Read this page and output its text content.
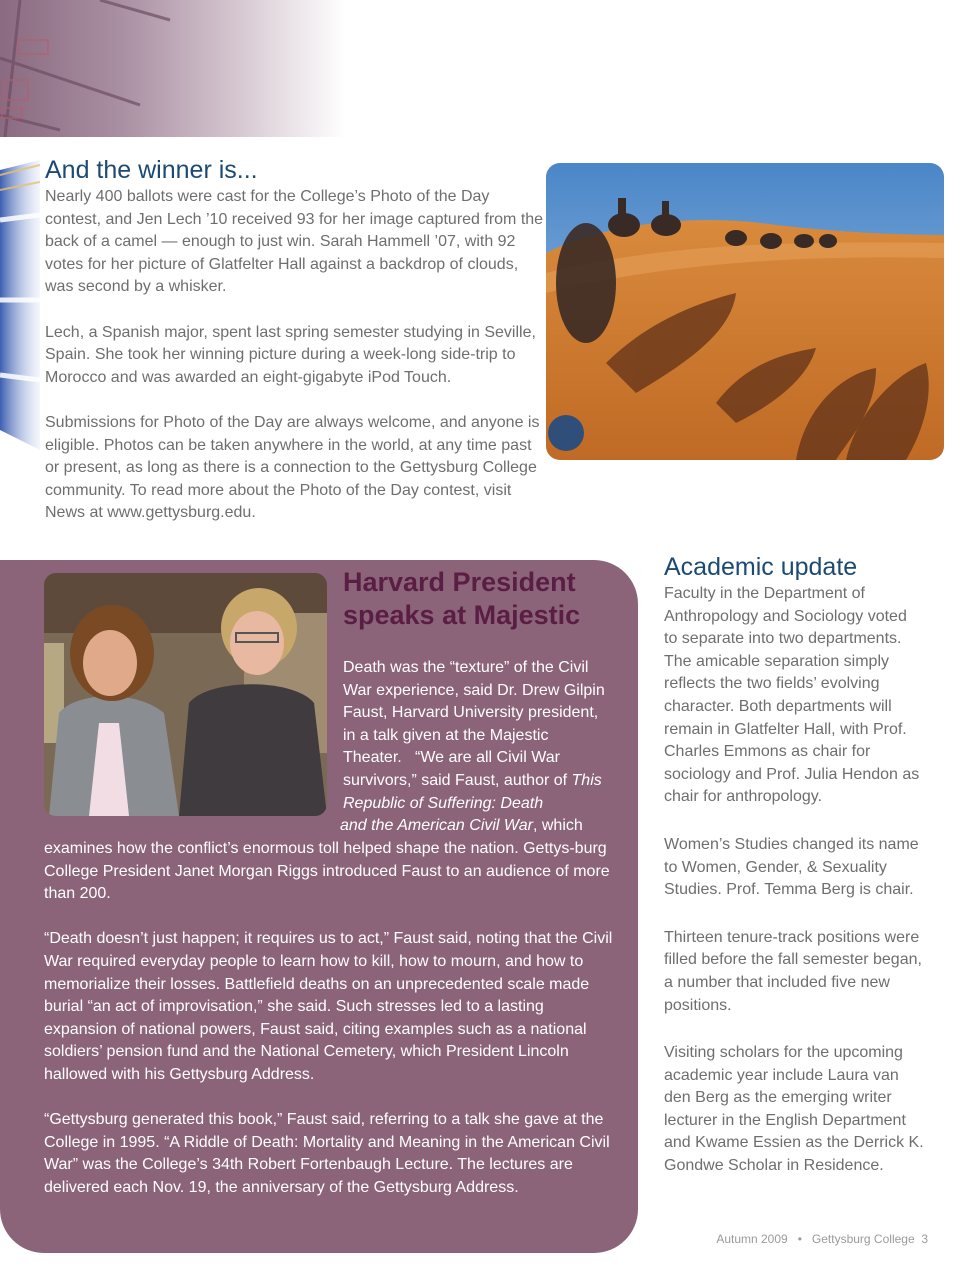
And the winner is...

Nearly 400 ballots were cast for the College’s Photo of the Day contest, and Jen Lech ’10 received 93 for her image captured from the back of a camel — enough to just win. Sarah Hammell ’07, with 92 votes for her picture of Glatfelter Hall against a backdrop of clouds, was second by a whisker.

Lech, a Spanish major, spent last spring semester studying in Seville, Spain. She took her winning picture during a week-long side-trip to Morocco and was awarded an eight-gigabyte iPod Touch.

Submissions for Photo of the Day are always welcome, and anyone is eligible. Photos can be taken anywhere in the world, at any time past or present, as long as there is a connection to the Gettysburg College community. To read more about the Photo of the Day contest, visit News at www.gettysburg.edu.

Harvard President speaks at Majestic
Death was the “texture” of the Civil War experience, said Dr. Drew Gilpin Faust, Harvard University president, in a talk given at the Majestic Theater.   “We are all Civil War survivors,” said Faust, author of This Republic of Suffering: Death
and the American Civil War, which

examines how the conflict’s enormous toll helped shape the nation. Gettys-burg College President Janet Morgan Riggs introduced Faust to an audience of more than 200.

“Death doesn’t just happen; it requires us to act,” Faust said, noting that the Civil War required everyday people to learn how to kill, how to mourn, and how to memorialize their losses. Battlefield deaths on an unprecedented scale made burial “an act of improvisation,” she said. Such stresses led to a lasting expansion of national powers, Faust said, citing examples such as a national soldiers’ pension fund and the National Cemetery, which President Lincoln hallowed with his Gettysburg Address.

“Gettysburg generated this book,” Faust said, referring to a talk she gave at the College in 1995. “A Riddle of Death: Mortality and Meaning in the American Civil War” was the College’s 34th Robert Fortenbaugh Lecture. The lectures are delivered each Nov. 19, the anniversary of the Gettysburg Address.

Academic update

Faculty in the Department of Anthropology and Sociology voted to separate into two departments. The amicable separation simply reflects the two fields’ evolving character. Both departments will remain in Glatfelter Hall, with Prof. Charles Emmons as chair for sociology and Prof. Julia Hendon as chair for anthropology.

Women’s Studies changed its name to Women, Gender, & Sexuality Studies. Prof. Temma Berg is chair.

Thirteen tenure-track positions were filled before the fall semester began, a number that included five new positions.

Visiting scholars for the upcoming academic year include Laura van den Berg as the emerging writer lecturer in the English Department and Kwame Essien as the Derrick K. Gondwe Scholar in Residence.

Autumn 2009 • Gettysburg College 3
